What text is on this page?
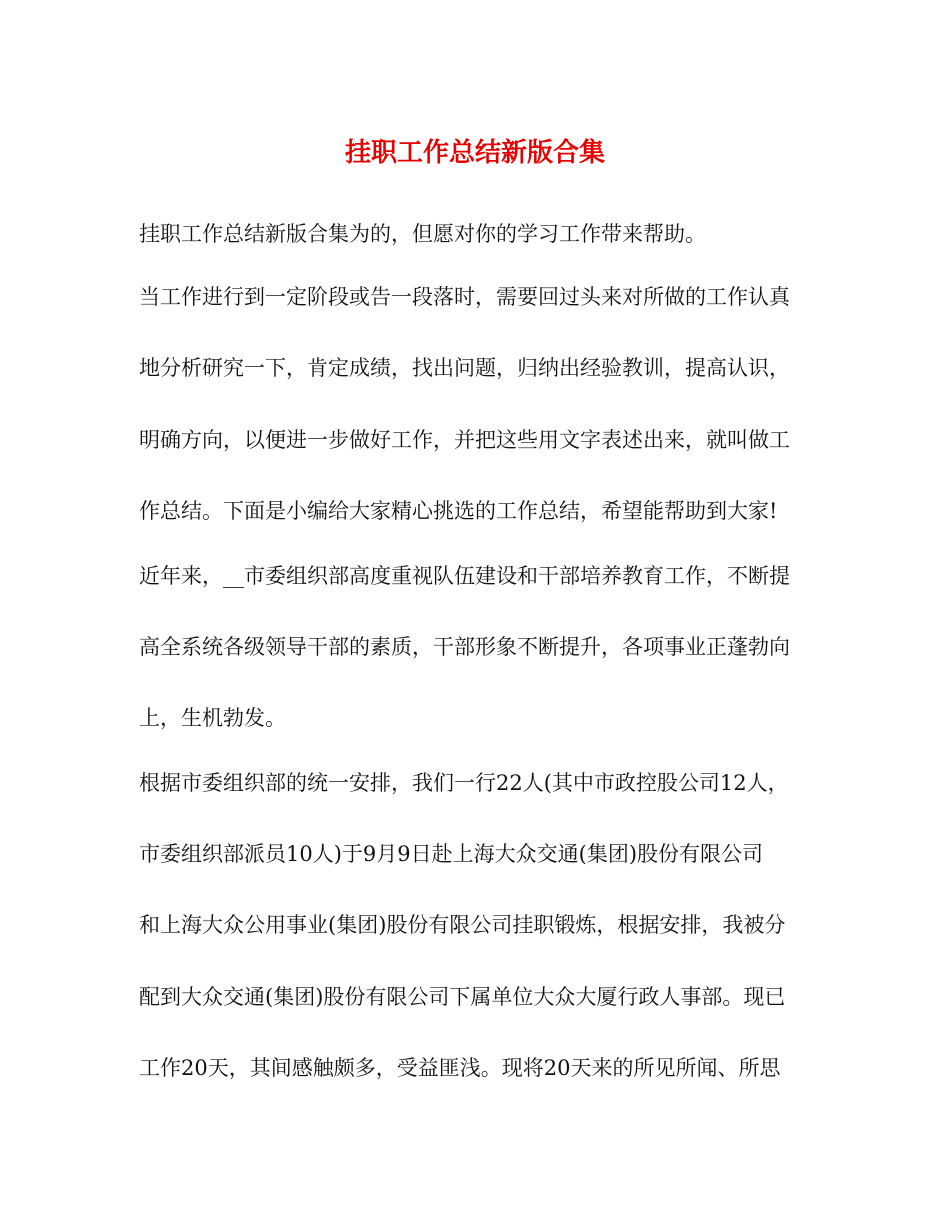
挂职工作总结新版合集
挂职工作总结新版合集为的，但愿对你的学习工作带来帮助。
当工作进行到一定阶段或告一段落时，需要回过头来对所做的工作认真
地分析研究一下，肯定成绩，找出问题，归纳出经验教训，提高认识，
明确方向，以便进一步做好工作，并把这些用文字表述出来，就叫做工
作总结。下面是小编给大家精心挑选的工作总结，希望能帮助到大家!
近年来，__市委组织部高度重视队伍建设和干部培养教育工作，不断提
高全系统各级领导干部的素质，干部形象不断提升，各项事业正蓬勃向
上，生机勃发。
根据市委组织部的统一安排，我们一行22人(其中市政控股公司12人，
市委组织部派员10人)于9月9日赴上海大众交通(集团)股份有限公司
和上海大众公用事业(集团)股份有限公司挂职锻炼，根据安排，我被分
配到大众交通(集团)股份有限公司下属单位大众大厦行政人事部。现已
工作20天，其间感触颇多，受益匪浅。现将20天来的所见所闻、所思
